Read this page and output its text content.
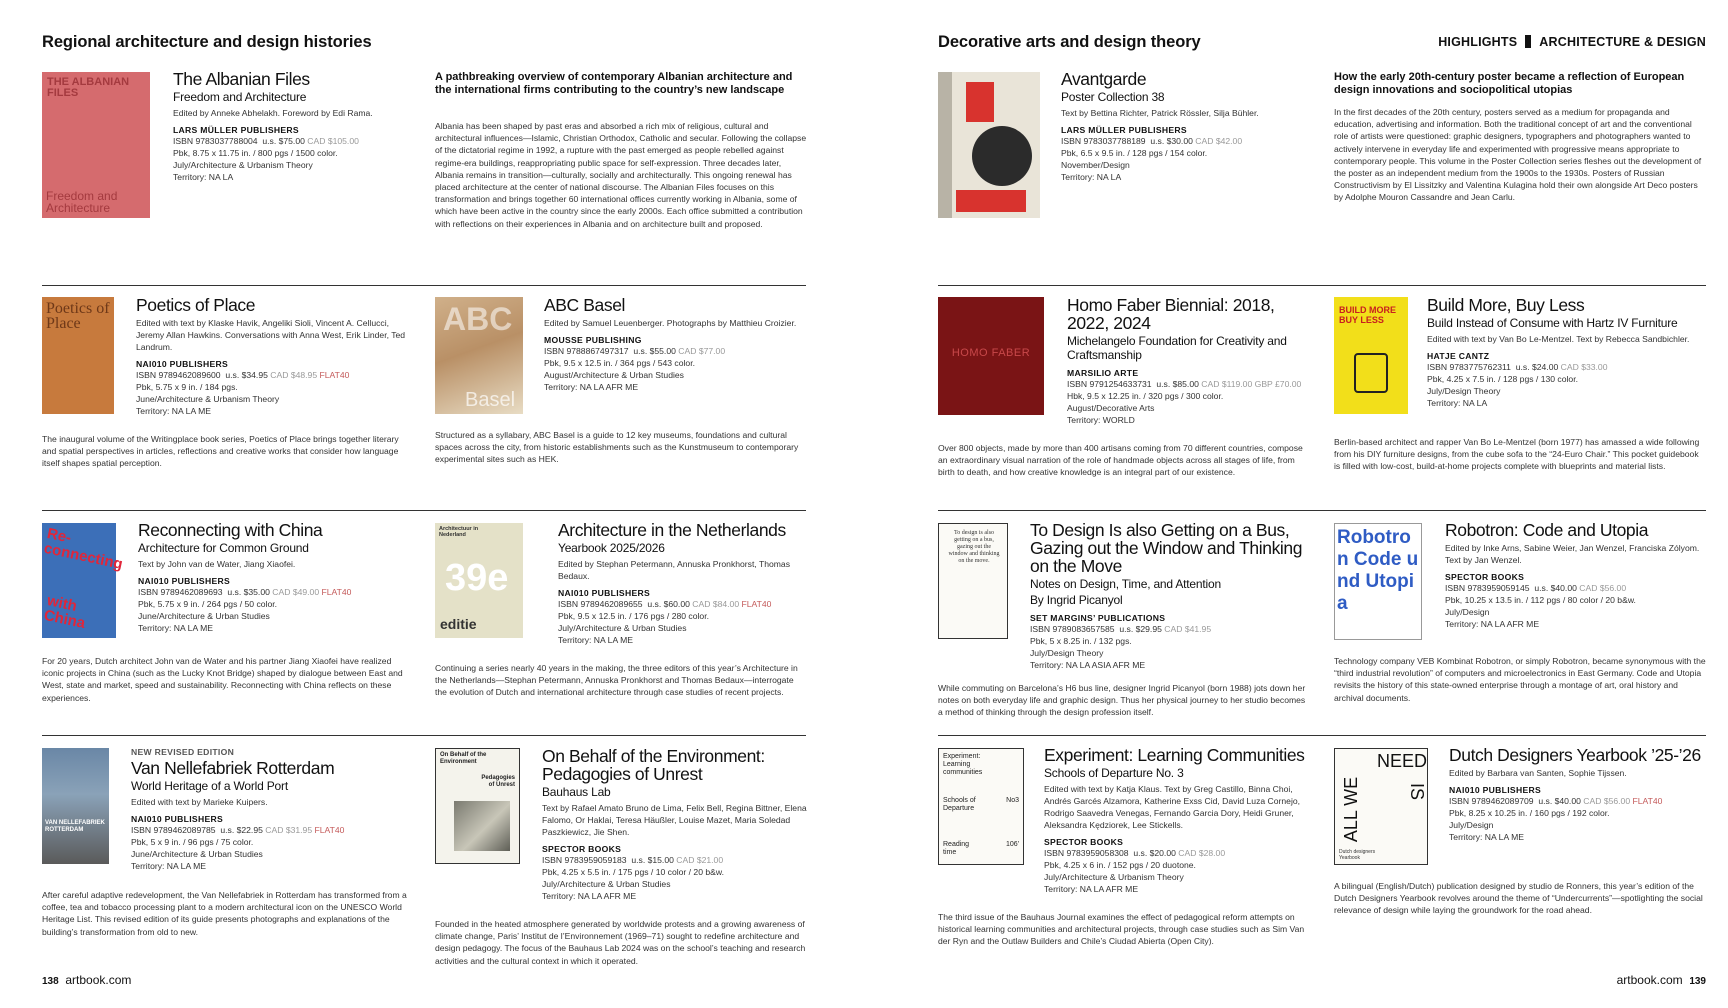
Regional architecture and design histories
THE ALBANIAN FILES
Freedom and Architecture
The Albanian Files
Freedom and Architecture
Edited by Anneke Abhelakh. Foreword by Edi Rama.
LARS MÜLLER PUBLISHERS
ISBN 9783037788004 u.s. $75.00 CAD $105.00
Pbk, 8.75 x 11.75 in. / 800 pgs / 1500 color.
July/Architecture & Urbanism Theory
Territory: NA LA
A pathbreaking overview of contemporary Albanian architecture and the international firms contributing to the country’s new landscape
Albania has been shaped by past eras and absorbed a rich mix of religious, cultural and architectural influences—Islamic, Christian Orthodox, Catholic and secular. Following the collapse of the dictatorial regime in 1992, a rupture with the past emerged as people rebelled against regime-era buildings, reappropriating public space for self-expression. Three decades later, Albania remains in transition—culturally, socially and architecturally. This ongoing renewal has placed architecture at the center of national discourse. The Albanian Files focuses on this transformation and brings together 60 international offices currently working in Albania, some of which have been active in the country since the early 2000s. Each office submitted a contribution with reflections on their experiences in Albania and on architecture built and proposed.
Poetics of Place
Poetics of Place
Edited with text by Klaske Havik, Angeliki Sioli, Vincent A. Cellucci, Jeremy Allan Hawkins. Conversations with Anna West, Erik Linder, Ted Landrum.
NAI010 PUBLISHERS
ISBN 9789462089600 u.s. $34.95 CAD $48.95 FLAT40
Pbk, 5.75 x 9 in. / 184 pgs.
June/Architecture & Urbanism Theory
Territory: NA LA ME
The inaugural volume of the Writingplace book series, Poetics of Place brings together literary and spatial perspectives in articles, reflections and creative works that consider how language itself shapes spatial perception.
ABC
Basel
ABC Basel
Edited by Samuel Leuenberger. Photographs by Matthieu Croizier.
MOUSSE PUBLISHING
ISBN 9788867497317 u.s. $55.00 CAD $77.00
Pbk, 9.5 x 12.5 in. / 364 pgs / 543 color.
August/Architecture & Urban Studies
Territory: NA LA AFR ME
Structured as a syllabary, ABC Basel is a guide to 12 key museums, foundations and cultural spaces across the city, from historic establishments such as the Kunstmuseum to contemporary experimental sites such as HEK.
Re-connecting
with China
Reconnecting with China
Architecture for Common Ground
Text by John van de Water, Jiang Xiaofei.
NAI010 PUBLISHERS
ISBN 9789462089693 u.s. $35.00 CAD $49.00 FLAT40
Pbk, 5.75 x 9 in. / 264 pgs / 50 color.
June/Architecture & Urban Studies
Territory: NA LA ME
For 20 years, Dutch architect John van de Water and his partner Jiang Xiaofei have realized iconic projects in China (such as the Lucky Knot Bridge) shaped by dialogue between East and West, state and market, speed and sustainability. Reconnecting with China reflects on these experiences.
Architectuur in Nederland
39e
editie
Architecture in the Netherlands
Yearbook 2025/2026
Edited by Stephan Petermann, Annuska Pronkhorst, Thomas Bedaux.
NAI010 PUBLISHERS
ISBN 9789462089655 u.s. $60.00 CAD $84.00 FLAT40
Pbk, 9.5 x 12.5 in. / 176 pgs / 280 color.
July/Architecture & Urban Studies
Territory: NA LA ME
Continuing a series nearly 40 years in the making, the three editors of this year’s Architecture in the Netherlands—Stephan Petermann, Annuska Pronkhorst and Thomas Bedaux—interrogate the evolution of Dutch and international architecture through case studies of recent projects.
VAN NELLEFABRIEK ROTTERDAM
NEW REVISED EDITION
Van Nellefabriek Rotterdam
World Heritage of a World Port
Edited with text by Marieke Kuipers.
NAI010 PUBLISHERS
ISBN 9789462089785 u.s. $22.95 CAD $31.95 FLAT40
Pbk, 5 x 9 in. / 96 pgs / 75 color.
June/Architecture & Urban Studies
Territory: NA LA ME
After careful adaptive redevelopment, the Van Nellefabriek in Rotterdam has transformed from a coffee, tea and tobacco processing plant to a modern architectural icon on the UNESCO World Heritage List. This revised edition of its guide presents photographs and explanations of the building’s transformation from old to new.
On Behalf of the Environment
Pedagogies of Unrest
On Behalf of the Environment: Pedagogies of Unrest
Bauhaus Lab
Text by Rafael Amato Bruno de Lima, Felix Bell, Regina Bittner, Elena Falomo, Or Haklai, Teresa Häußler, Louise Mazet, Maria Soledad Paszkiewicz, Jie Shen.
SPECTOR BOOKS
ISBN 9783959059183 u.s. $15.00 CAD $21.00
Pbk, 4.25 x 5.5 in. / 175 pgs / 10 color / 20 b&w.
July/Architecture & Urban Studies
Territory: NA LA AFR ME
Founded in the heated atmosphere generated by worldwide protests and a growing awareness of climate change, Paris’ Institut de l’Environnement (1969–71) sought to redefine architecture and design pedagogy. The focus of the Bauhaus Lab 2024 was on the school’s teaching and research activities and the cultural context in which it operated.
138 artbook.com
Decorative arts and design theory	HIGHLIGHTS ARCHITECTURE & DESIGN
Avantgarde
Poster Collection 38
Text by Bettina Richter, Patrick Rössler, Silja Bühler.
LARS MÜLLER PUBLISHERS
ISBN 9783037788189 u.s. $30.00 CAD $42.00
Pbk, 6.5 x 9.5 in. / 128 pgs / 154 color.
November/Design
Territory: NA LA
How the early 20th-century poster became a reflection of European design innovations and sociopolitical utopias
In the first decades of the 20th century, posters served as a medium for propaganda and education, advertising and information. Both the traditional concept of art and the conventional role of artists were questioned: graphic designers, typographers and photographers wanted to actively intervene in everyday life and experimented with progressive means appropriate to contemporary people. This volume in the Poster Collection series fleshes out the development of the poster as an independent medium from the 1900s to the 1930s. Posters of Russian Constructivism by El Lissitzky and Valentina Kulagina hold their own alongside Art Deco posters by Adolphe Mouron Cassandre and Jean Carlu.
HOMO FABER
Homo Faber Biennial: 2018, 2022, 2024
Michelangelo Foundation for Creativity and Craftsmanship
MARSILIO ARTE
ISBN 9791254633731 u.s. $85.00 CAD $119.00 GBP £70.00
Hbk, 9.5 x 12.25 in. / 320 pgs / 300 color.
August/Decorative Arts
Territory: WORLD
Over 800 objects, made by more than 400 artisans coming from 70 different countries, compose an extraordinary visual narration of the role of handmade objects across all stages of life, from birth to death, and how creative knowledge is an integral part of our existence.
BUILD MORE BUY LESS
Build More, Buy Less
Build Instead of Consume with Hartz IV Furniture
Edited with text by Van Bo Le-Mentzel. Text by Rebecca Sandbichler.
HATJE CANTZ
ISBN 9783775762311 u.s. $24.00 CAD $33.00
Pbk, 4.25 x 7.5 in. / 128 pgs / 130 color.
July/Design Theory
Territory: NA LA
Berlin-based architect and rapper Van Bo Le-Mentzel (born 1977) has amassed a wide following from his DIY furniture designs, from the cube sofa to the “24-Euro Chair.” This pocket guidebook is filled with low-cost, build-at-home projects complete with blueprints and material lists.
To design is also getting on a bus, gazing out the window and thinking on the move.
To Design Is also Getting on a Bus, Gazing out the Window and Thinking on the Move
Notes on Design, Time, and Attention
By Ingrid Picanyol
SET MARGINS’ PUBLICATIONS
ISBN 9789083657585 u.s. $29.95 CAD $41.95
Pbk, 5 x 8.25 in. / 132 pgs.
July/Design Theory
Territory: NA LA ASIA AFR ME
While commuting on Barcelona’s H6 bus line, designer Ingrid Picanyol (born 1988) jots down her notes on both everyday life and graphic design. Thus her physical journey to her studio becomes a method of thinking through the design profession itself.
Robotron Code und Utopia
Robotron: Code and Utopia
Edited by Inke Arns, Sabine Weier, Jan Wenzel, Franciska Zólyom. Text by Jan Wenzel.
SPECTOR BOOKS
ISBN 9783959059145 u.s. $40.00 CAD $56.00
Pbk, 10.25 x 13.5 in. / 112 pgs / 80 color / 20 b&w.
July/Design
Territory: NA LA AFR ME
Technology company VEB Kombinat Robotron, or simply Robotron, became synonymous with the “third industrial revolution” of computers and microelectronics in East Germany. Code and Utopia revisits the history of this state-owned enterprise through a montage of art, oral history and archival documents.
Experiment: Learning communities
Schools of Departure
No3
Reading time
106'
Experiment: Learning Communities
Schools of Departure No. 3
Edited with text by Katja Klaus. Text by Greg Castillo, Binna Choi, Andrés Garcés Alzamora, Katherine Exss Cid, David Luza Cornejo, Rodrigo Saavedra Venegas, Fernando Garcia Dory, Heidi Gruner, Aleksandra Kędziorek, Lee Stickells.
SPECTOR BOOKS
ISBN 9783959058308 u.s. $20.00 CAD $28.00
Pbk, 4.25 x 6 in. / 152 pgs / 20 duotone.
July/Architecture & Urbanism Theory
Territory: NA LA AFR ME
The third issue of the Bauhaus Journal examines the effect of pedagogical reform attempts on historical learning communities and architectural projects, through case studies such as Sim Van der Ryn and the Outlaw Builders and Chile’s Ciudad Abierta (Open City).
NEED
ALL WE	IS
Dutch designers Yearbook
Dutch Designers Yearbook ’25-’26
Edited by Barbara van Santen, Sophie Tijssen.
NAI010 PUBLISHERS
ISBN 9789462089709 u.s. $40.00 CAD $56.00 FLAT40
Pbk, 8.25 x 10.25 in. / 160 pgs / 192 color.
July/Design
Territory: NA LA ME
A bilingual (English/Dutch) publication designed by studio de Ronners, this year’s edition of the Dutch Designers Yearbook revolves around the theme of “Undercurrents”—spotlighting the social relevance of design while laying the groundwork for the road ahead.
artbook.com 139
